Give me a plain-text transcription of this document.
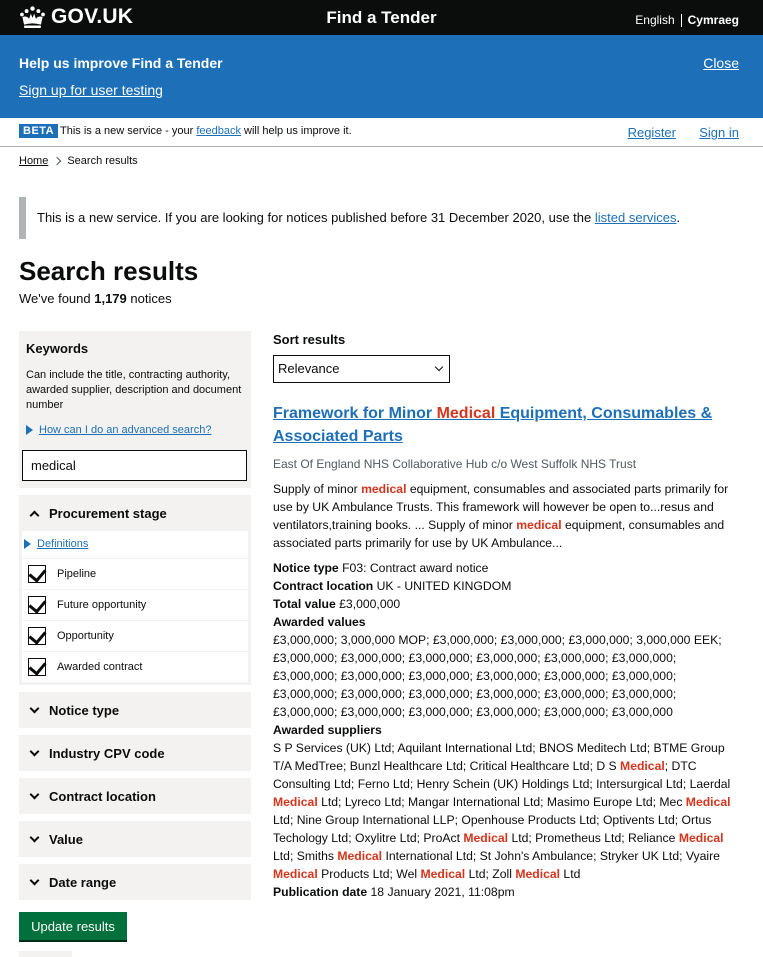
GOV.UK	Find a Tender	English Cymraeg
Help us improve Find a Tender
Sign up for user testing
Close
BETA This is a new service - your feedback will help us improve it.	Register Sign in
Home Search results
This is a new service. If you are looking for notices published before 31 December 2020, use the listed services.
Search results
We've found 1,179 notices
Keywords
Can include the title, contracting authority, awarded supplier, description and document number
How can I do an advanced search?
medical
Procurement stage
Definitions
Pipeline
Future opportunity
Opportunity
Awarded contract
Notice type
Industry CPV code
Contract location
Value
Date range
Update results
Sort results
Relevance
Framework for Minor Medical Equipment, Consumables & Associated Parts
East Of England NHS Collaborative Hub c/o West Suffolk NHS Trust
Supply of minor medical equipment, consumables and associated parts primarily for use by UK Ambulance Trusts. This framework will however be open to...resus and ventilators,training books. ... Supply of minor medical equipment, consumables and associated parts primarily for use by UK Ambulance...
Notice type F03: Contract award notice
Contract location UK - UNITED KINGDOM
Total value £3,000,000
Awarded values
£3,000,000; 3,000,000 MOP; £3,000,000; £3,000,000; £3,000,000; 3,000,000 EEK; £3,000,000; £3,000,000; £3,000,000; £3,000,000; £3,000,000; £3,000,000; £3,000,000; £3,000,000; £3,000,000; £3,000,000; £3,000,000; £3,000,000; £3,000,000; £3,000,000; £3,000,000; £3,000,000; £3,000,000; £3,000,000; £3,000,000; £3,000,000; £3,000,000; £3,000,000; £3,000,000; £3,000,000
Awarded suppliers
S P Services (UK) Ltd; Aquilant International Ltd; BNOS Meditech Ltd; BTME Group T/A MedTree; Bunzl Healthcare Ltd; Critical Healthcare Ltd; D S Medical; DTC Consulting Ltd; Ferno Ltd; Henry Schein (UK) Holdings Ltd; Intersurgical Ltd; Laerdal Medical Ltd; Lyreco Ltd; Mangar International Ltd; Masimo Europe Ltd; Mec Medical Ltd; Nine Group International LLP; Openhouse Products Ltd; Optivents Ltd; Ortus Techology Ltd; Oxylitre Ltd; ProAct Medical Ltd; Prometheus Ltd; Reliance Medical Ltd; Smiths Medical International Ltd; St John's Ambulance; Stryker UK Ltd; Vyaire Medical Products Ltd; Wel Medical Ltd; Zoll Medical Ltd
Publication date 18 January 2021, 11:08pm
